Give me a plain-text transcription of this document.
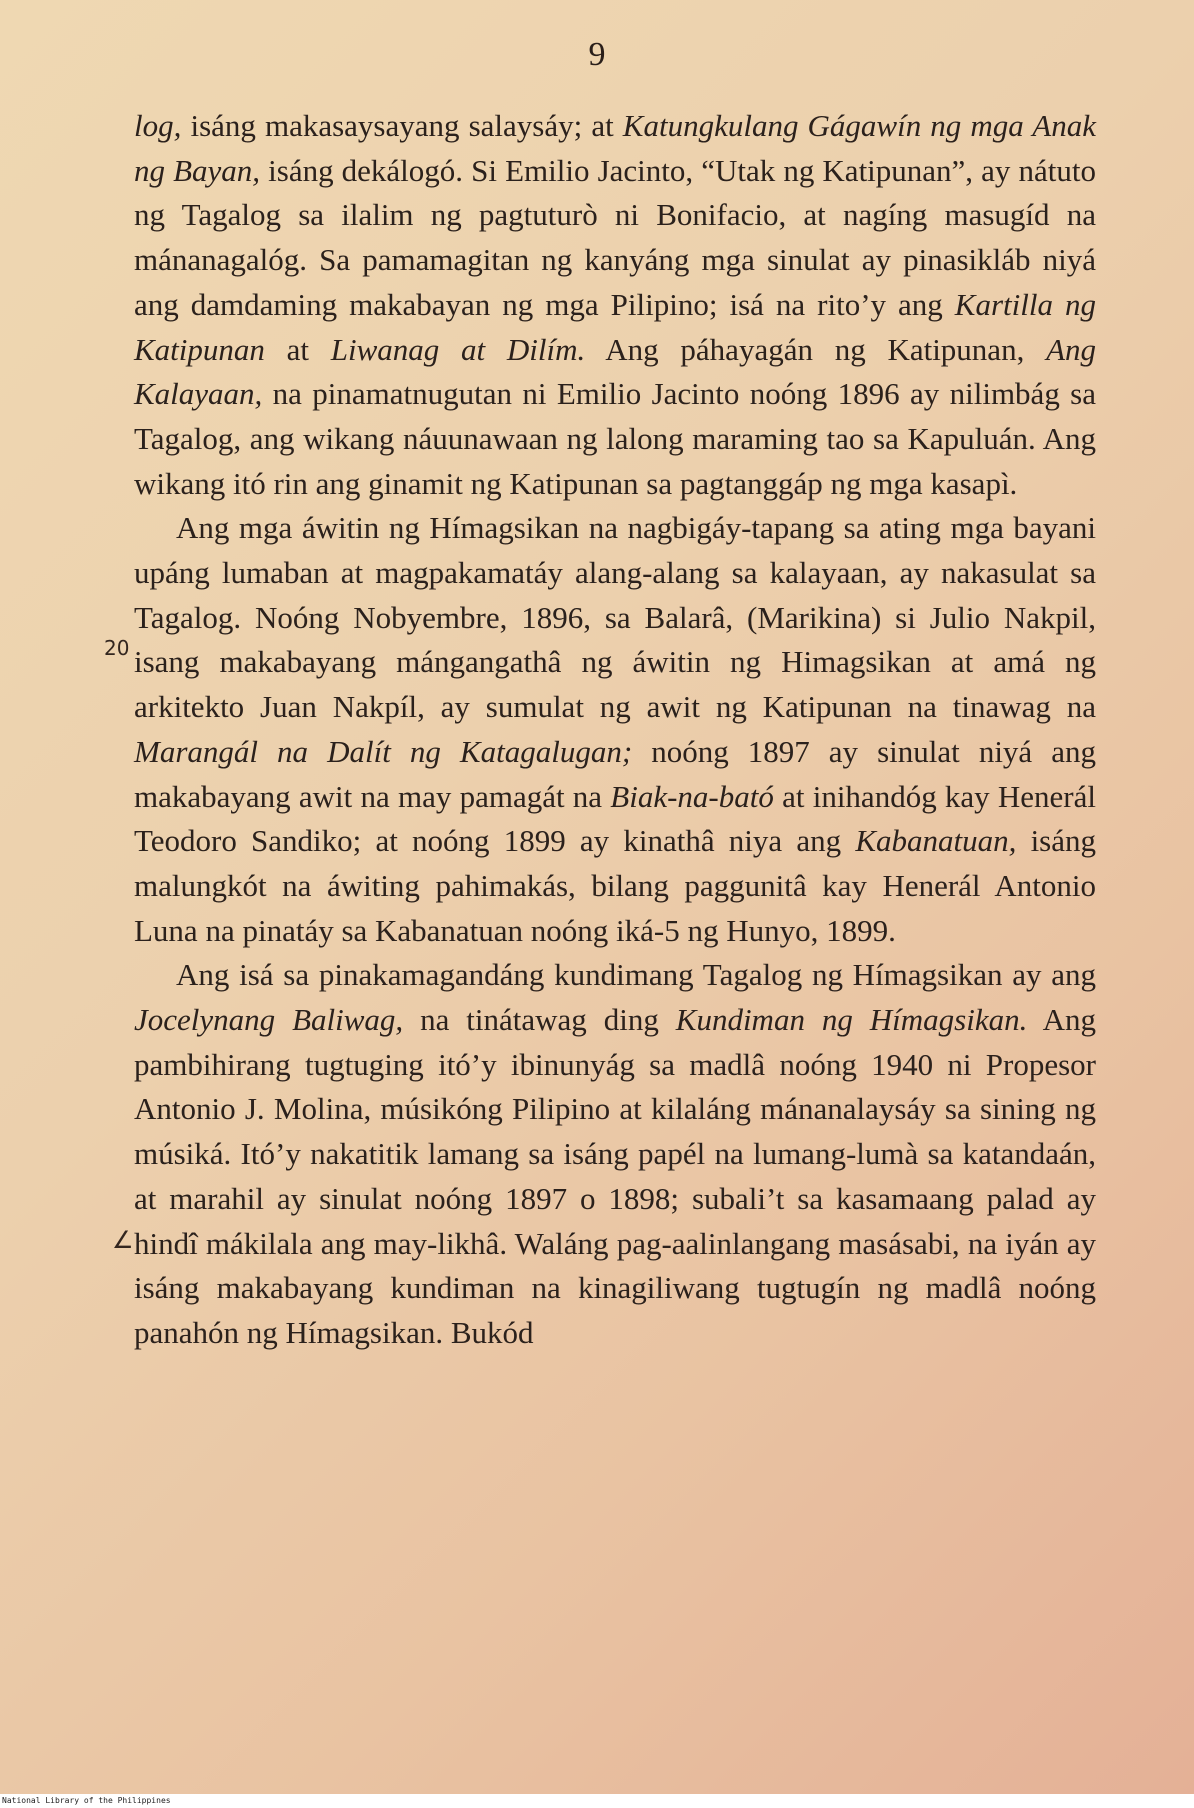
9

log, isáng makasaysayang salaysáy; at Katungkulang Gágawín ng mga Anak ng Bayan, isáng dekálogó. Si Emilio Jacinto, “Utak ng Katipunan”, ay nátuto ng Tagalog sa ilalim ng pagtuturò ni Bonifacio, at nagíng masugíd na mánanagalóg. Sa pamamagitan ng kanyáng mga sinulat ay pinasikláb niyá ang damdaming makabayan ng mga Pilipino; isá na rito’y ang Kartilla ng Katipunan at Liwanag at Dilím. Ang páhayagán ng Katipunan, Ang Kalayaan, na pinamatnugutan ni Emilio Jacinto noóng 1896 ay nilimbág sa Tagalog, ang wikang náuunawaan ng lalong maraming tao sa Kapuluán. Ang wikang itó rin ang ginamit ng Katipunan sa pagtanggáp ng mga kasapì.

Ang mga áwitin ng Hímagsikan na nagbigáy-tapang sa ating mga bayani upáng lumaban at magpakamatáy alang-alang sa kalayaan, ay nakasulat sa Tagalog. Noóng Nobyembre, 1896, sa Balarâ, (Marikina) si Julio Nakpil, isang makabayang mángangathâ ng áwitin ng Himagsikan at amá ng arkitekto Juan Nakpíl, ay sumulat ng awit ng Katipunan na tinawag na Marangál na Dalít ng Katagalugan; noóng 1897 ay sinulat niyá ang makabayang awit na may pamagát na Biak-na-bató at inihandóg kay Henerál Teodoro Sandiko; at noóng 1899 ay kinathâ niya ang Kabanatuan, isáng malungkót na áwiting pahimakás, bilang paggunitâ kay Henerál Antonio Luna na pinatáy sa Kabanatuan noóng iká-5 ng Hunyo, 1899.

Ang isá sa pinakamagandáng kundimang Tagalog ng Hímagsikan ay ang Jocelynang Baliwag, na tinátawag ding Kundiman ng Hímagsikan. Ang pambihirang tugtuging itó’y ibinunyág sa madlâ noóng 1940 ni Propesor Antonio J. Molina, músikóng Pilipino at kilaláng mánanalaysáy sa sining ng músiká. Itó’y nakatitik lamang sa isáng papél na lumang-lumà sa katandaán, at marahil ay sinulat noóng 1897 o 1898; subali’t sa kasamaang palad ay hindî mákilala ang may-likhâ. Waláng pag-aalinlangang masásabi, na iyán ay isáng makabayang kundiman na kinagiliwang tugtugín ng madlâ noóng panahón ng Hímagsikan. Bukód

20
∠
National Library of the Philippines
